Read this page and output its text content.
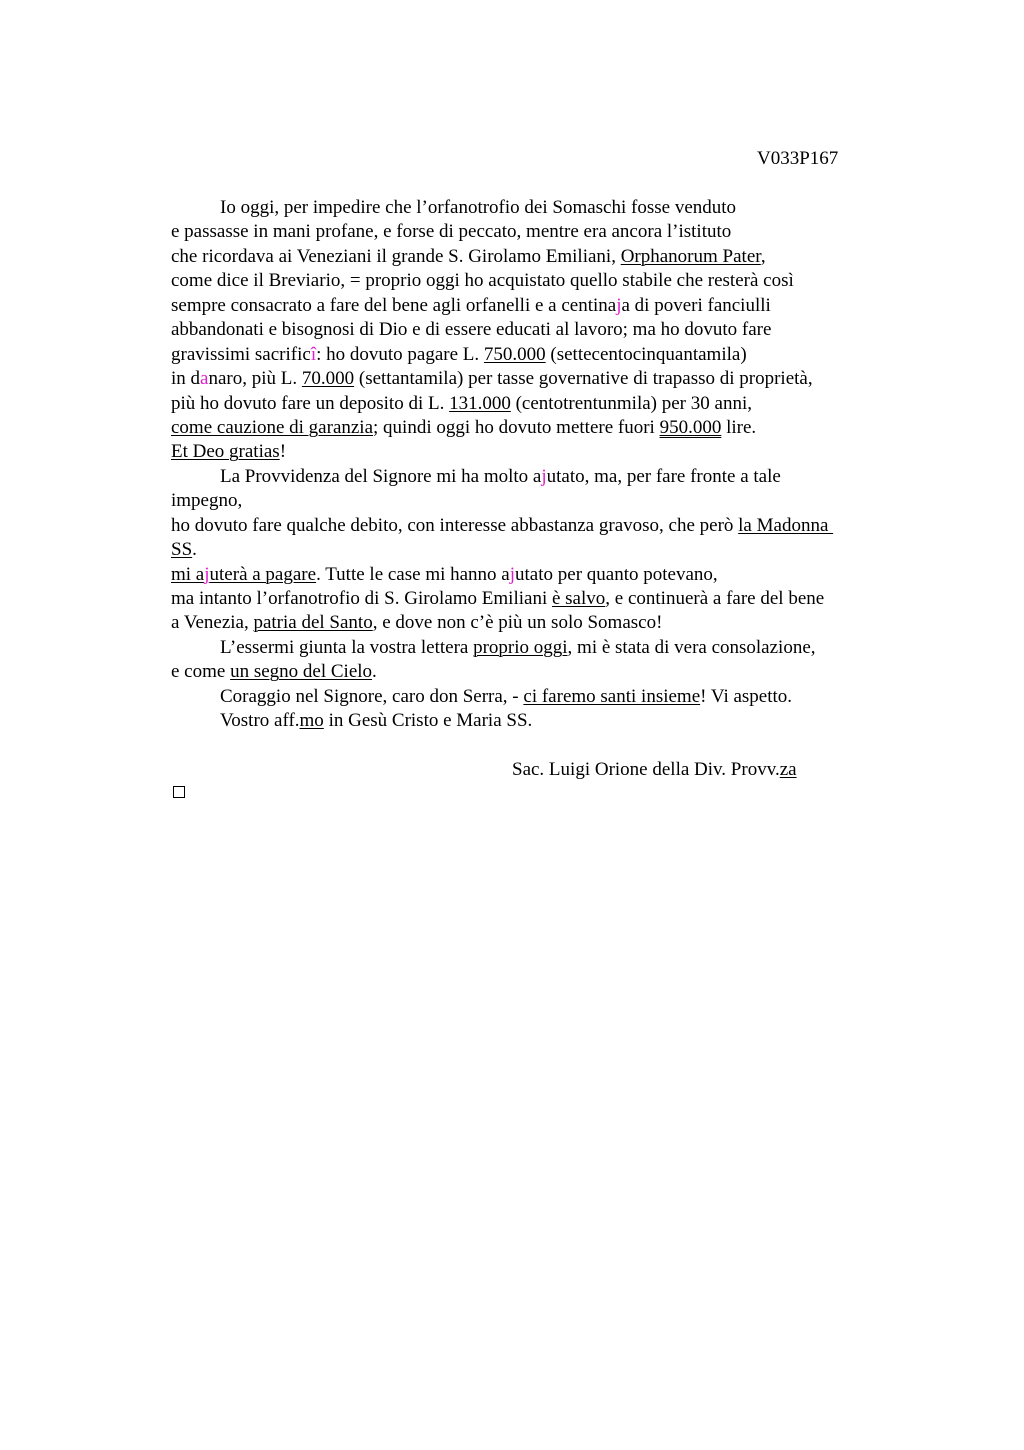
V033P167
Io oggi, per impedire che l’orfanotrofio dei Somaschi fosse venduto
e passasse in mani profane, e forse di peccato, mentre era ancora l’istituto
che ricordava ai Veneziani il grande S. Girolamo Emiliani, Orphanorum Pater,
come dice il Breviario, = proprio oggi ho acquistato quello stabile che resterà così
sempre consacrato a fare del bene agli orfanelli e a centinaja di poveri fanciulli
abbandonati e bisognosi di Dio e di essere educati al lavoro; ma ho dovuto fare
gravissimi sacrificî: ho dovuto pagare L. 750.000 (settecentocinquantamila)
in danaro, più L. 70.000 (settantamila) per tasse governative di trapasso di proprietà,
più ho dovuto fare un deposito di L. 131.000 (centotrentunmila) per 30 anni,
come cauzione di garanzia; quindi oggi ho dovuto mettere fuori 950.000 lire.
Et Deo gratias!
La Provvidenza del Signore mi ha molto ajutato, ma, per fare fronte a tale
impegno,
ho dovuto fare qualche debito, con interesse abbastanza gravoso, che però la Madonna
SS.
mi ajuterà a pagare. Tutte le case mi hanno ajutato per quanto potevano,
ma intanto l’orfanotrofio di S. Girolamo Emiliani è salvo, e continuerà a fare del bene
a Venezia, patria del Santo, e dove non c’è più un solo Somasco!
L’essermi giunta la vostra lettera proprio oggi, mi è stata di vera consolazione,
e come un segno del Cielo.
Coraggio nel Signore, caro don Serra, - ci faremo santi insieme! Vi aspetto.
Vostro aff.mo in Gesù Cristo e Maria SS.
Sac. Luigi Orione della Div. Provv.za
